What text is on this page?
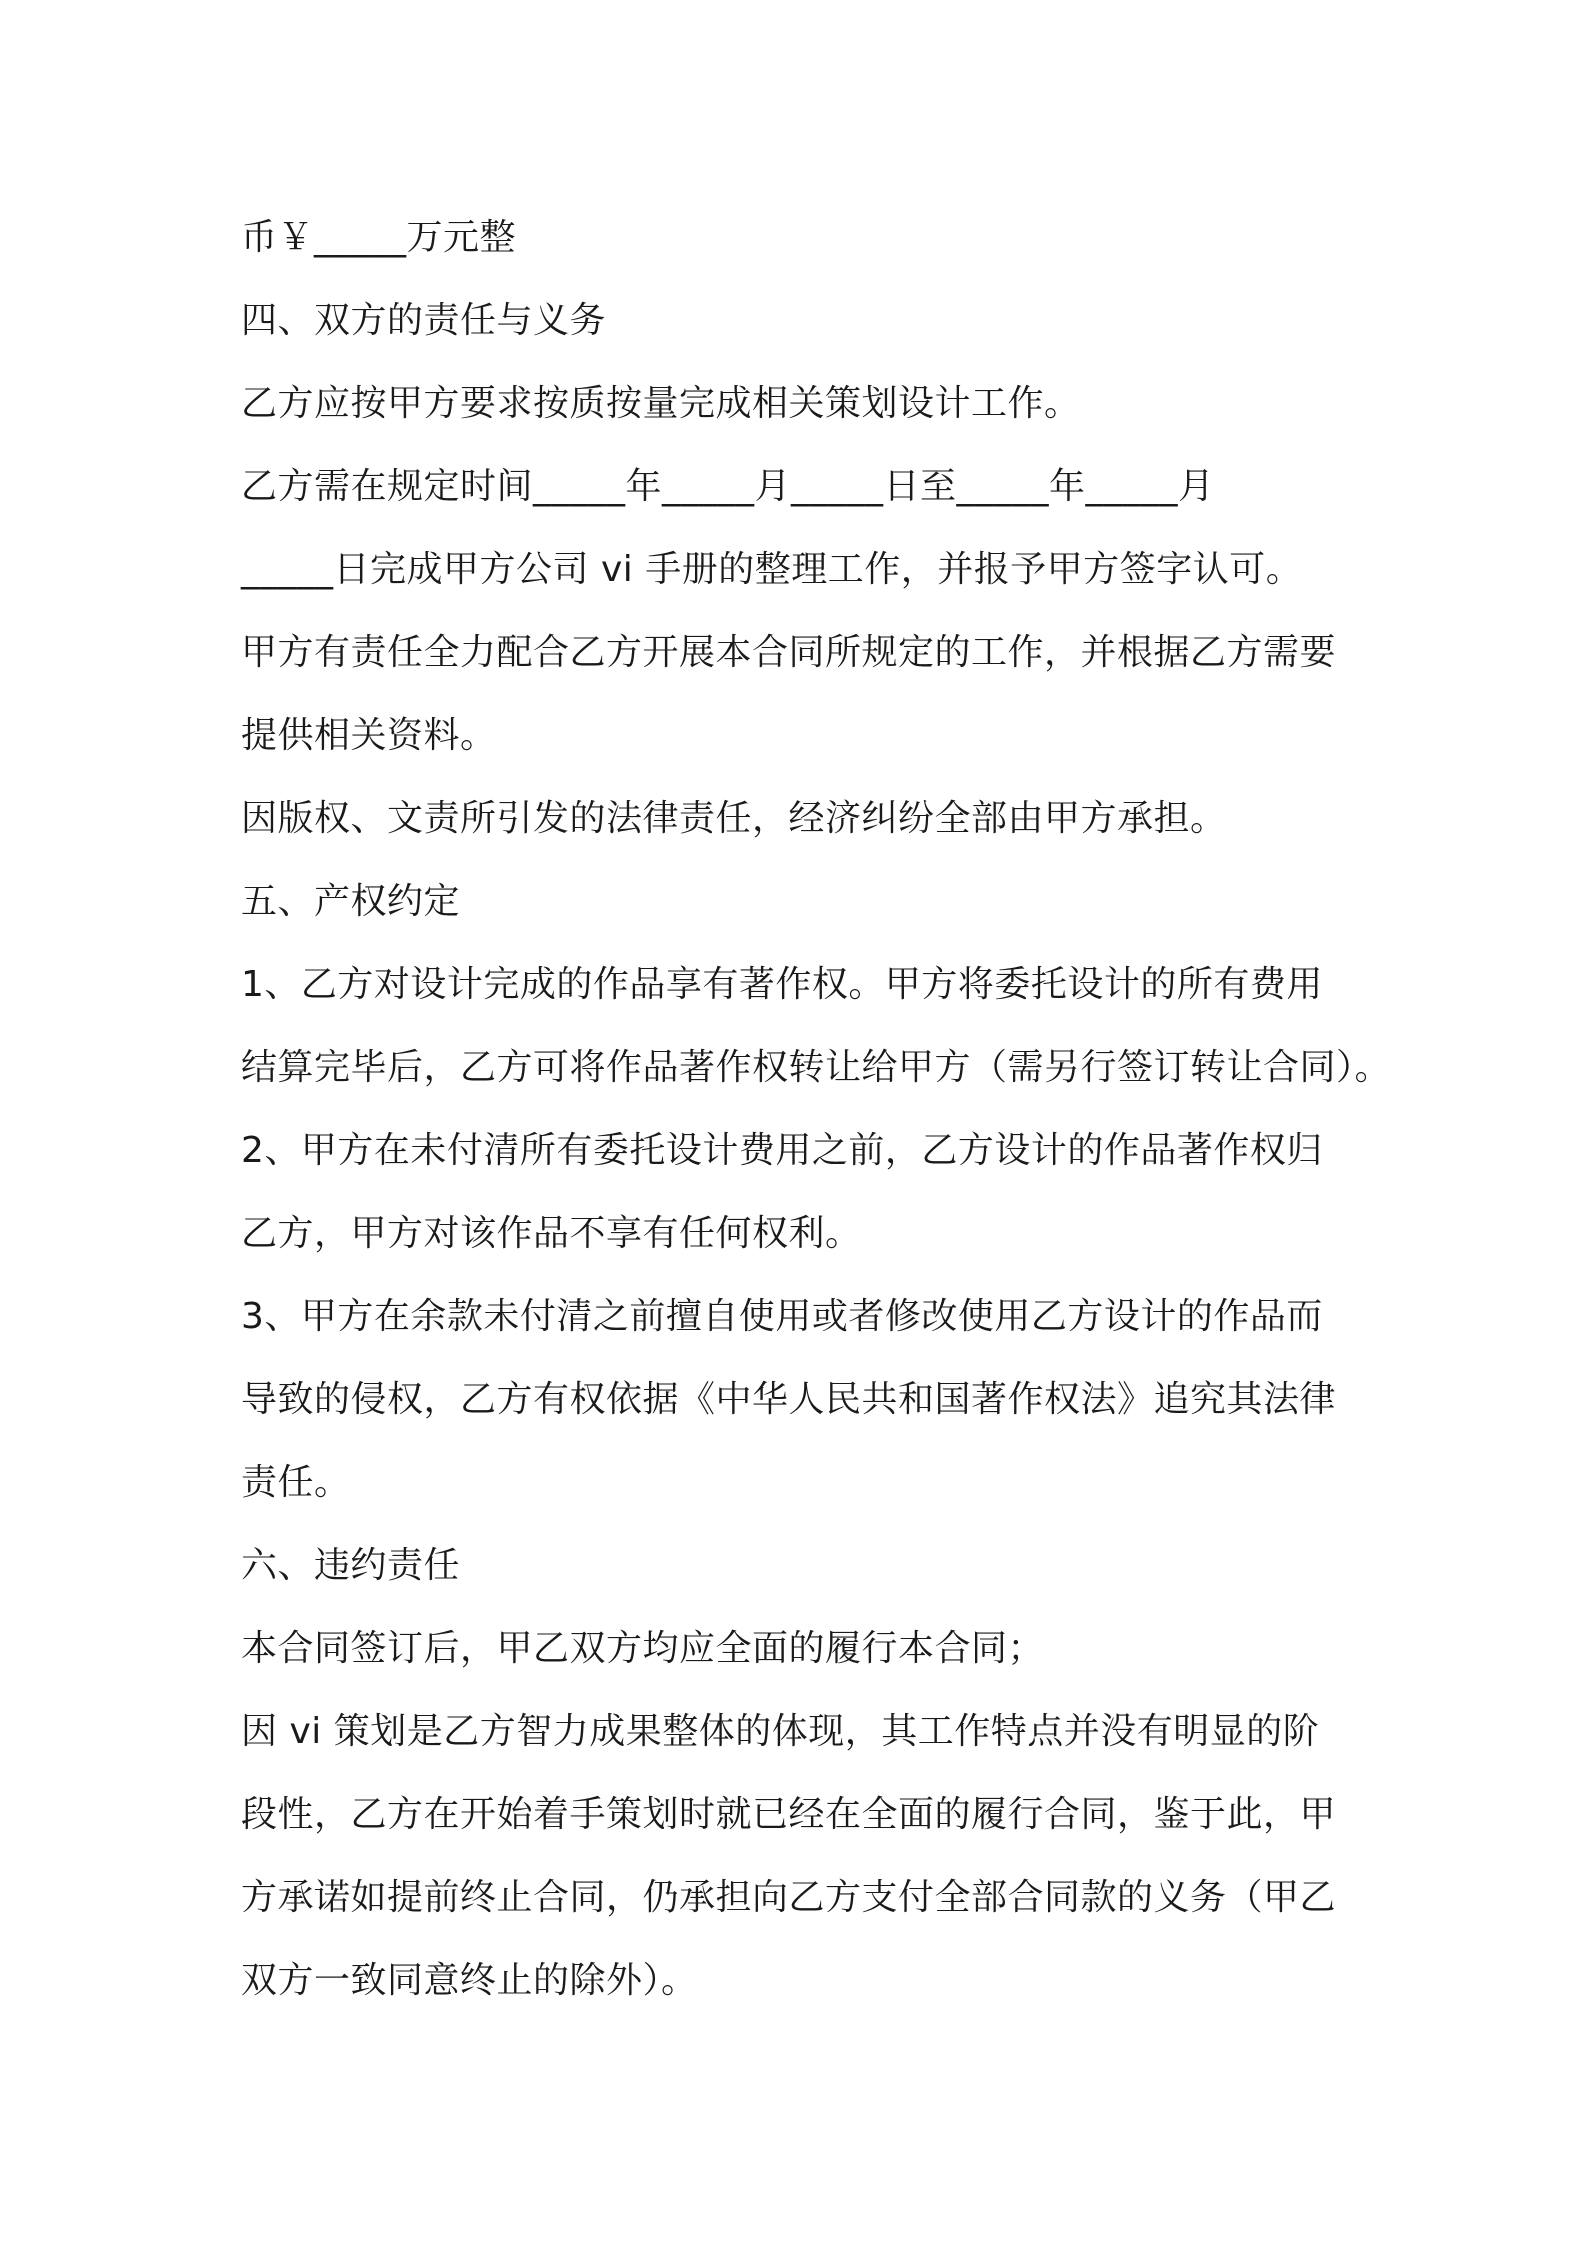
币￥_____万元整
四、双方的责任与义务
乙方应按甲方要求按质按量完成相关策划设计工作。
乙方需在规定时间_____年_____月_____日至_____年_____月
_____日完成甲方公司 vi 手册的整理工作，并报予甲方签字认可。
甲方有责任全力配合乙方开展本合同所规定的工作，并根据乙方需要
提供相关资料。
因版权、文责所引发的法律责任，经济纠纷全部由甲方承担。
五、产权约定
1、乙方对设计完成的作品享有著作权。甲方将委托设计的所有费用
结算完毕后，乙方可将作品著作权转让给甲方（需另行签订转让合同）。
2、甲方在未付清所有委托设计费用之前，乙方设计的作品著作权归
乙方，甲方对该作品不享有任何权利。
3、甲方在余款未付清之前擅自使用或者修改使用乙方设计的作品而
导致的侵权，乙方有权依据《中华人民共和国著作权法》追究其法律
责任。
六、违约责任
本合同签订后，甲乙双方均应全面的履行本合同；
因 vi 策划是乙方智力成果整体的体现，其工作特点并没有明显的阶
段性，乙方在开始着手策划时就已经在全面的履行合同，鉴于此，甲
方承诺如提前终止合同，仍承担向乙方支付全部合同款的义务（甲乙
双方一致同意终止的除外）。
